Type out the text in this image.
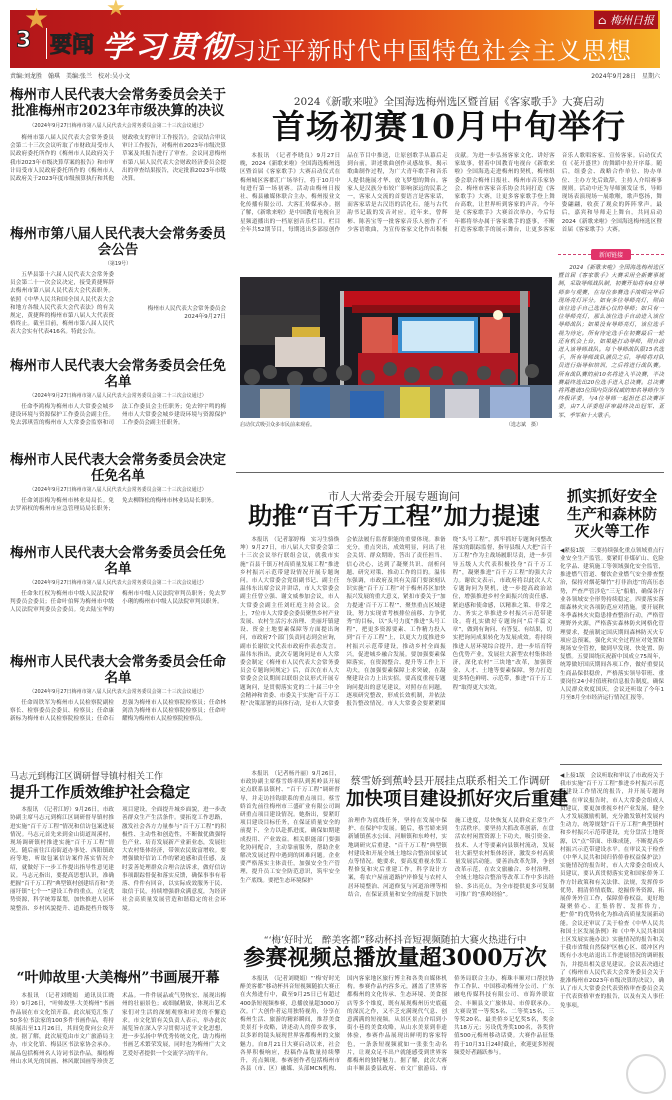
★	★
3 要闻 学习贯彻
习近平新时代中国特色社会主义思想
⌂ 梅州日报
责编:刘龙胜　翰琪　美编:张兰　校对:吴小文	2024年9月28日　星期六
梅州市人民代表大会常务委员会关于批准梅州市2023年市级决算的决议
（2024年9月27日梅州市第八届人民代表大会常务委员会第二十三次会议通过）
梅州市第八届人民代表大会常务委员会第二十三次会议听取了市财政局受市人民政府委托所作的《梅州市人民政府关于我市2023年市级决算草案的报告》和市审计局受市人民政府委托所作的《梅州市人民政府关于2023年度市级预算执行和其他财政收支的审计工作报告》。会议结合审议审计工作报告，对梅州市2023年市级决算草案及其报告进行了审查。会议同意梅州市第八届人民代表大会财政经济委员会提出的审查结果报告，决定批准2023年市级决算。
梅州市第八届人民代表大会常务委员会公告
（第19号）
五华县第十六届人民代表大会常务委员会第二十一次会议决定，接受黄捷辉辞去梅州市第八届人民代表大会代表职务。依照《中华人民共和国全国人民代表大会和地方各级人民代表大会代表法》的有关规定，黄捷辉的梅州市第八届人大代表资格终止。截至目前，梅州市第八届人民代表大会实有代表416名。特此公告。
梅州市人民代表大会常务委员会
2024年9月27日
梅州市人民代表大会常务委员会任免名单
（2024年9月27日梅州市第八届人民代表大会常务委员会第二十三次会议通过）
任命李鸿梅为梅州市人大常委会城乡建设环境与资源保护工作委员会副主任。免去郭琪萱的梅州市人大常委会监察和司法工作委员会主任职务；免去钟宇鸣的梅州市人大常委会城乡建设环境与资源保护工作委员会副主任职务。
梅州市人民代表大会常务委员会决定任免名单
（2024年9月27日梅州市第八届人民代表大会常务委员会第二十三次会议通过）
任命刘添梅为梅州市林业局局长。免去罗裕权的梅州市应急管理局局长职务；免去柳锋松的梅州市林业局局长职务。
梅州市人民代表大会常务委员会任免名单
（2024年9月27日梅州市第八届人民代表大会常务委员会第二十三次会议通过）
任命朱红权为梅州市中级人民法院审判委员会委员；任命叶伯辉为梅州市中级人民法院审判委员会委员。免去陆宝华的梅州市中级人民法院审判员职务；免去罗小琍的梅州市中级人民法院审判员职务。
梅州市人民代表大会常务委员会任命名单
（2024年9月27日梅州市第八届人民代表大会常务委员会第二十三次会议通过）
任命周铁军为梅州市人民检察院副检察长、检察委员会委员、检察员；任命康新标为梅州市人民检察院检察员；任命石思强为梅州市人民检察院检察员；任命林剑浩为梅州市人民检察院检察员；任命叶耀梅为梅州市人民检察院检察员。
马志元到梅江区调研督导镇村相关工作
提升工作质效维护社会稳定
本报讯　（记者江婷）9月26日，市政协副主席马志元到梅江区调研督导镇村推进实施“百千万工程”情况和信访包案进展情况。马志元首先来到金山街道周溪村，现场调研镇村推进实施“百千万工程”情况。随后前往江南街道办事处、西阳镇政府等地，听取包案信访案件落实情况介绍，就做好下一步工作提出指导性意见建议。马志元指出，要提高思想认识，准确把握“百千万工程”典型镇村创建培育和“美丽圩镇”七个一”建设工作的重点，立足优势资源，科学统筹谋划，加快推进人居环境整治、乡村风貌提升、道路提档升级等项目建设，全面提升城乡面貌，进一步改善群众生产生活条件。要拓宽工作思路，激发社会各方力量参与“百千万工程”的积极性、主动性和创造性，不断做优做强特色产业、培育发展新产业新业态，发展壮大农村集体经济，带领农民致富增收。要增强做好信访工作的紧迫感和责任感，及时妥善处理群众合理合法诉求，做好信访事项跟踪督促和落实反馈，确保事事有着落、件件有回音，以实际成效服务于民、取信于民，持续增强群众满意度，为经济社会高质量发展营造和谐稳定的社会环境。
“叶帅故里·大美梅州”书画展开幕
本报讯　（记者刘晓娟　通讯员江晓玲）9月26日，“叶帅故里·大美梅州”书画作品展在市文化馆开幕。此次展览汇集了50多位书法家的100多件书画作品，将持续展出至11月26日，其间免费向公众开放。据了解，此次展览由市文广旅游局主办，市文化馆、梅县区书法家协会承办。展品包括梅州名人诗词书法作品，描绘梅州山水风光的国画、林风眠国画等珍贵艺术品。一件件展品或气势恢宏、展现出梅州的壮丽景色；或细腻精致，体现出艺术家们对生活的深刻观察和对美的不懈追求。市文化馆有关负责人表示，举办此次展览旨在深入学习贯彻习近平文化思想，进一步弘扬中华优秀传统文化，助力梅州书画艺术繁荣发展，同时也为梅州广大文艺爱好者提供一个交流学习的平台。
2024《新歌来啦》全国海选梅州选区暨首届《客家歌手》大赛启动
首场初赛10月中旬举行
本报讯　（记者李晓良）9月27日晚，2024《新歌来啦》全国海选梅州选区暨首届《客家歌手》大赛启动仪式在梅州城区客都汇广场举行，将于10月中旬进行第一场初赛。活动由梅州日报社、梅县融媒体联合主办，梅州报业文化传播有限公司、大客汇传媒承办。据了解，《新歌来啦》是中国教育电视台卫星频道播出的一档原创音乐栏目。栏目全年共52期节目，每期选出多部原创作品在节目中推送，让原创歌手从幕后走到台前，讲述歌曲创作灵感故事，揭示歌曲制作过程，为广大青年歌手和音乐人提供施展才华、放飞梦想的舞台。客家人是汉族分布较广影响深远的民系之一，客家人交流的首要语言是客家话，而客家话是古汉语的活化石，能与古代韵书记载的发音对应。近年来，曾辉彬、陈善宝等一批客家音乐人创作了不少客语歌曲，为宣传客家文化作出积极贡献。为进一步弘扬客家文化、讲好客家故事，借着中国教育电视台《新歌来啦》全国海选走进梅州的契机，梅州组委会联合梅州日报社、梅州市音乐家协会、梅州市客家音乐协会共同打造《客家歌手》大赛，让更多客家歌手登上舞台高歌，让世界听到客家的声音。今年是《客家歌手》大赛首次举办，今后每年都将举办属于客家歌手的盛事，不断打造客家歌手的展示舞台，让更多客家音乐人歌唱客家、宣传客家。启动仪式在《花开盛世》的舞蹈中拉开序幕。随后，组委会、战略合作单位、协办单位、主办方先后致辞，主持人介绍赛事规则。活动中还为导师颁发证书，导师现场表演现场一展歌喉，歌声悠扬，舞姿翩翩，收获了观众的阵阵掌声。最后，嘉宾和导师走上舞台，共同启动2024《新歌来啦》全国海选梅州选区暨首届《客家歌手》大赛。
新闻链接
2024《新歌来啦》全国海选梅州选区暨首届《客家歌手》大赛采用全新赛事规制，采取导师战队制，初赛开始将有4位导师参与观赛，在每位参赛选手演唱完毕后现场亮灯评分。如有多位导师亮灯，则由该位选手自己选择心仪的导师；如只有一位导师亮灯，那么该位选手自动进入该位导师战队；如果没有导师亮灯，该位选手视为待定。所有待定选手在初赛最后一轮还有机会上台，如果能打动导师，则自动进入该导师战队。每个导师战队限15名选手，所有导师战队满员之后，导师将对队员进行指导和培训，之后将进行战队赛。所有战队赛的前10名将进入半决赛，半决赛最终选出20位选手进入总决赛。总决赛将再邀请3位国内资深权威的知名导师作为终极评委，与4位导师一起担任总决赛评委，由7人评委组评审最终决出冠军、亚军、季军和十大歌手。
启动仪式吸引众多市民前来观看。	（选志斌　摄）
市人大常委会开展专题询问
助推“百千万工程”加力提速
本报讯　（记者邬婷梅　实习生骆焕坤）9月27日，市八届人大常委会第二十三次会议举行联组会议，就我市实施“百县千镇万村高质量发展工程”推进乡村振兴示范带建设情况开展专题询问。市人大常委会党组副书记、副主任温伟东出席会议并讲话，市人大常委会副主任曾立强、谢文威参加会议，市人大常委会副主任刘旺庭主持会议。会上，7位市人大常委会委员聚焦乡村产业发展、农村生活污水治理、美丽圩镇建设、资金土地要素保障等方面提出询问，市政府7个部门负责同志到会应询，副市长谢钦文代表市政府作表态发言。温伟东指出，此次专题询问是市人大常委会制定《梅州市人民代表大会常务委员会专题询问规定》后，首次在市人大常委会会议期间以联组会议形式开展专题询问，是贯彻落实党的二十届三中全会精神和省委、市委关于实施“百千万工程”决策部署的具体行动，是市人大常委会依法履行监督职能的重要体现。准备充分，重点突出，成效明显，问出了社会关切、群众期盼，答出了责任担当、信心决心，达到了凝聚共识、剖析问题、研究对策、推动工作的目的。温伟东强调，市政府及其有关部门要深刻认识实施“百千万工程”对于梅州苏区加快振兴发展的重大意义，紧扣市委关于“加力提速‘百千万工程’”、聚焦重点区域建设，努力实现省考核排位前移、力争优秀”的目标，以“头号力度”推进“头号工程”，把更多资源要素、工作精力投入到“百千万工程”上，以更大力度推进乡村振兴示范带建设，推动乡村全面振兴，促进城乡融合发展。要加强要素保障落实，在资源整合、提升等工作上下功夫，在加强要素保障上求突破，在凝聚建设合力上出实招。要高度重视专题询问提出的意见建议，对照存在问题，逐项研究整改，形成长效机制，并依法报告整改情况。市人大常委会要紧紧围绕“头号工程”，抓牢抓好专题询问整改落实的跟踪监督，指导县级人大把“百千万工程”作为主战场履职尽责，进一步引导五级人大代表积极投身“百千万工程”，凝聚推进“百千万工程”的强大合力。谢钦文表示，市政府将以此次人大专题询问为契机，进一步提高政治站位，增强推进乡村全面振兴的责任感、紧迫感和使命感，以精准之策、非常之力、务实之举推进乡村振兴示范带建设。将扎实做好专题询问“后半篇文章”，做到有询问、有答复、有结果，切实把询问成果转化为发展成效。将持续推进人居环境综合提升，进一步培育特色优势产业，发展壮大新型农村集体经济，深化农村“三块地”改革，加强资金、人才、土地等要素保障，努力打造更多特色鲜明、示范带，推进“百千万工程”取得更大实效。
抓实抓好安全生产和森林防灭火等工作
◀紧接1版　三要持续强化重点领域重点行业安全生产监管。要紧盯非煤矿山、危险化学品、建筑施工等领域强化安全监管，推进燃气管道、餐饮企业燃气安全排查整治，保持对烟花爆竹“打非治违”的高压态势，严查严管涉危“三无”船舶，确保各行业各领域安全形势持续稳定。四要落实落细森林火灾各项防范应对措施。要开展秋冬季森林火灾隐患排查整治行动，严格管理野外火源，严格落实森林防火网格化管理要求，提前制定国庆期间森林防灭火专项应急预案，强化火灾全过程应对处置和现场安全管控，做到早发现、快处置、防复燃。五要围绕庆祝新中国成立75周年，统筹做好国庆期间各项工作，做好重要民生商品保供稳价，严格落实领导带班、重要岗位24小时值班和信息报告制度，确保人民群众欢度国庆。会议还听取了今年1月至8月全市经济运行情况汇报等。
◀上接1版　会议听取和审议了市政府关于我市实施“百千万工程”推进乡村振兴示范带建设工作情况的报告，并开展专题询问。在审议报告时，市人大常委会组成人员建议，要更加重视乡村产业发展，健全人才发展激励机制，充分激发镇村发展内生动力，统筹规划“百千万工程”典型镇村和乡村振兴示范带建设，充分盘活土地资源，以“点”带面、串珠成链，不断提高乡村振兴示范带建设水平。在审议关于检查《中华人民共和国归侨侨眷权益保护法》实施情况的报告时，市人大常委会组成人员建议，要认真贯彻落实党和国家侨务工作方针政策和有关法律、法规，发挥侨乡优势，拥清侨情底数，挖掘侨务资源，拓展侨务外宣工作，保障侨眷权益，更好地凝聚侨心、汇集侨智、发挥侨力，把“侨”的优势转化为推动高质量发展新动能。会议还审议了关于检查《中华人民共和国土区发展条例》和《中华人民共和国土区发展实施办法》实施情况的报告和关于我市省级自然保护区核心区、缓冲区内既有小水电站退出工作进展情况的调研报告，并提出相关意见建议。会议表决通过了《梅州市人民代表大会常务委员会关于批准梅州市2023年市级决算的决议》，确认了市人大常委会代表资格审查委员会关于代表资格审查的报告，以及有关人事任免事项。
本报讯　（记者杨丹丽）9月26日，市政协副主席蔡雪娇率队到蕉岭县开展定点联系县镇村、“百千万工程”调研督导，并走访挂钩联系的重点项目。蔡雪娇首先前往梅州市三盛矿业有限公司调研重点项目建设情况。她指出，要紧盯项目建设目标任务，在保证质量安全的前提下，全力以赴抓进度，确保如期建成投用、产业效益。相关职能部门要强化协同配合，主动靠前服务，帮助企业解决发展过程中遇到的困难问题。企业要严格落实主体责任，加强安全生产管理，提升员工安全防范意识，筑牢安全生产底线。要把生态环境保护
蔡雪娇到蕉岭县开展挂点联系相关工作调研
加快项目建设抓好灾后重建
治理作为底线任务，坚持在发展中保护、在保护中发展。随后，蔡雪娇来到新铺镇蕉水公园、河顺镇和东岭村，实地调研灾后重建、“百千万工程”典型镇村建设和开展全域土地综合整治国家试点等情况。她要求，要高度重视水毁工程修复和灾后重建工作，科学设计方案，将农户屋前道路护岸修复与农村人居环境整治、河道修复与河道治理等相结合，在保证质量和安全的前提下加快施工进度，尽快恢复人民群众正常生产生活秩序。要坚持大抓改革创新，在盘活农村闲置资源上下功夫，吸引资金、技术、人才等要素向县镇村流动，发展壮大新型农村集体经济，激发乡村高质量发展活动能。要善治改革先锋，争创改革示范，在农文旅融合、乡村治理、全域土地综合整治等改革工作中多出经验、多出亮点，为全市提供更多可复制可推广的“蕉岭经验”。
“‘梅’好时光　醉美客都”移动杯抖音短视频随拍大赛火热进行中
参赛视频总播放量超3000万次
本报讯　（记者刘晓娟）“‘梅’好时光　醉美客都”移动杯抖音短视频随拍大赛正在火热进行中，截至9月25日已有超过400条短视频参赛，总播放量超3000万次。广大创作者运用独特视角，分享在梅州生活、旅游的精彩瞬间，推荐美食美景打卡攻略，讲述动人的侨乡故事，以多彩的镜头展现世界客都梅州的文旅魅力。自8月21日大赛启动以来，社会各界积极响应，投稿作品数量持续攀升，亮点频现。参赛创作者包括梅州市各县（市、区）融媒、头部MCN机构、国内客家地区旅行博主和各类自媒体机构。参赛作品内容多元，涵盖了世界客都梅州的文化传承、生态环境、美食探店等多个维度，既有展现梅州历史底蕴的深沉之作，又不乏充满现代气息、创意满满的短视频。从景区景点介绍到小街小巷的美食攻略，从山水美景到非遗体验，参赛作品展现出鲜明的客家特色，一条条短视频就如一张张生动名片，让观众足不出户就能感受到世界客都梅州的独特魅力。据了解，此次大赛由丰顺县委县政府、市文广旅游局、市侨务局联合主办，梅珠丰顺对口帮扶协作工作队、中国移动梅州分公司、广东融电传媒科技有限公司、市海外联谊会、丰顺县文广旅体局、市侨联承办。大赛设置一等奖5名、二等奖15名、三等奖20名、最美侨乡记忆奖5名，奖金共18万元；另设优秀奖100名，各奖价值500元梅州移动话费。大赛作品征集将于10月31日24时截止，欢迎更多短视频爱好者踊跃参与。
